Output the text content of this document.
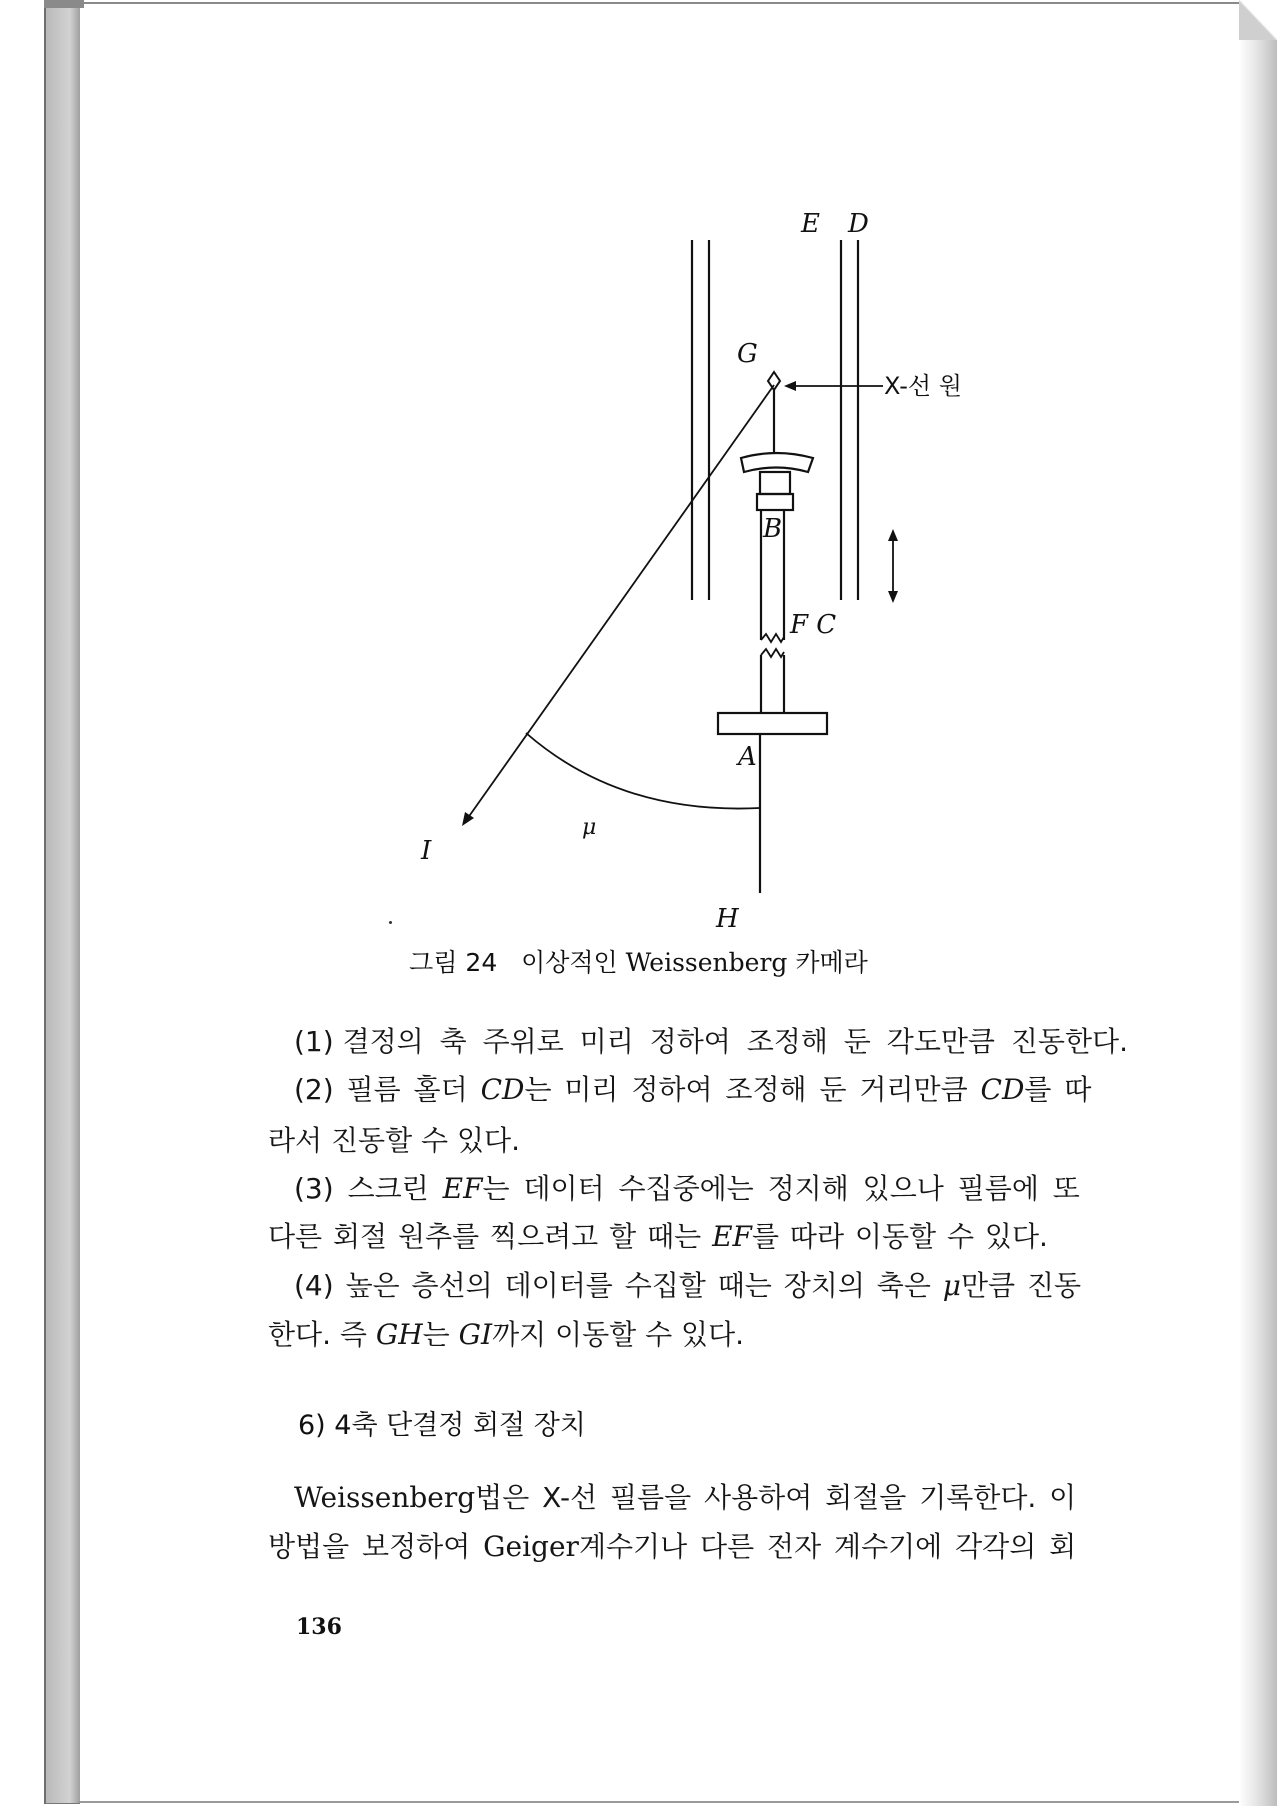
E D
G
X-선 원
B
F C
A
μ
I
H
그림 24 이상적인 Weissenberg 카메라
(1) 결정의 축 주위로 미리 정하여 조정해 둔 각도만큼 진동한다.
(2) 필름 홀더 CD는 미리 정하여 조정해 둔 거리만큼 CD를 따
라서 진동할 수 있다.
(3) 스크린 EF는 데이터 수집중에는 정지해 있으나 필름에 또
다른 회절 원추를 찍으려고 할 때는 EF를 따라 이동할 수 있다.
(4) 높은 층선의 데이터를 수집할 때는 장치의 축은 μ만큼 진동
한다. 즉 GH는 GI까지 이동할 수 있다.
Weissenberg법은 X-선 필름을 사용하여 회절을 기록한다. 이
방법을 보정하여 Geiger계수기나 다른 전자 계수기에 각각의 회
6) 4축 단결정 회절 장치
136
